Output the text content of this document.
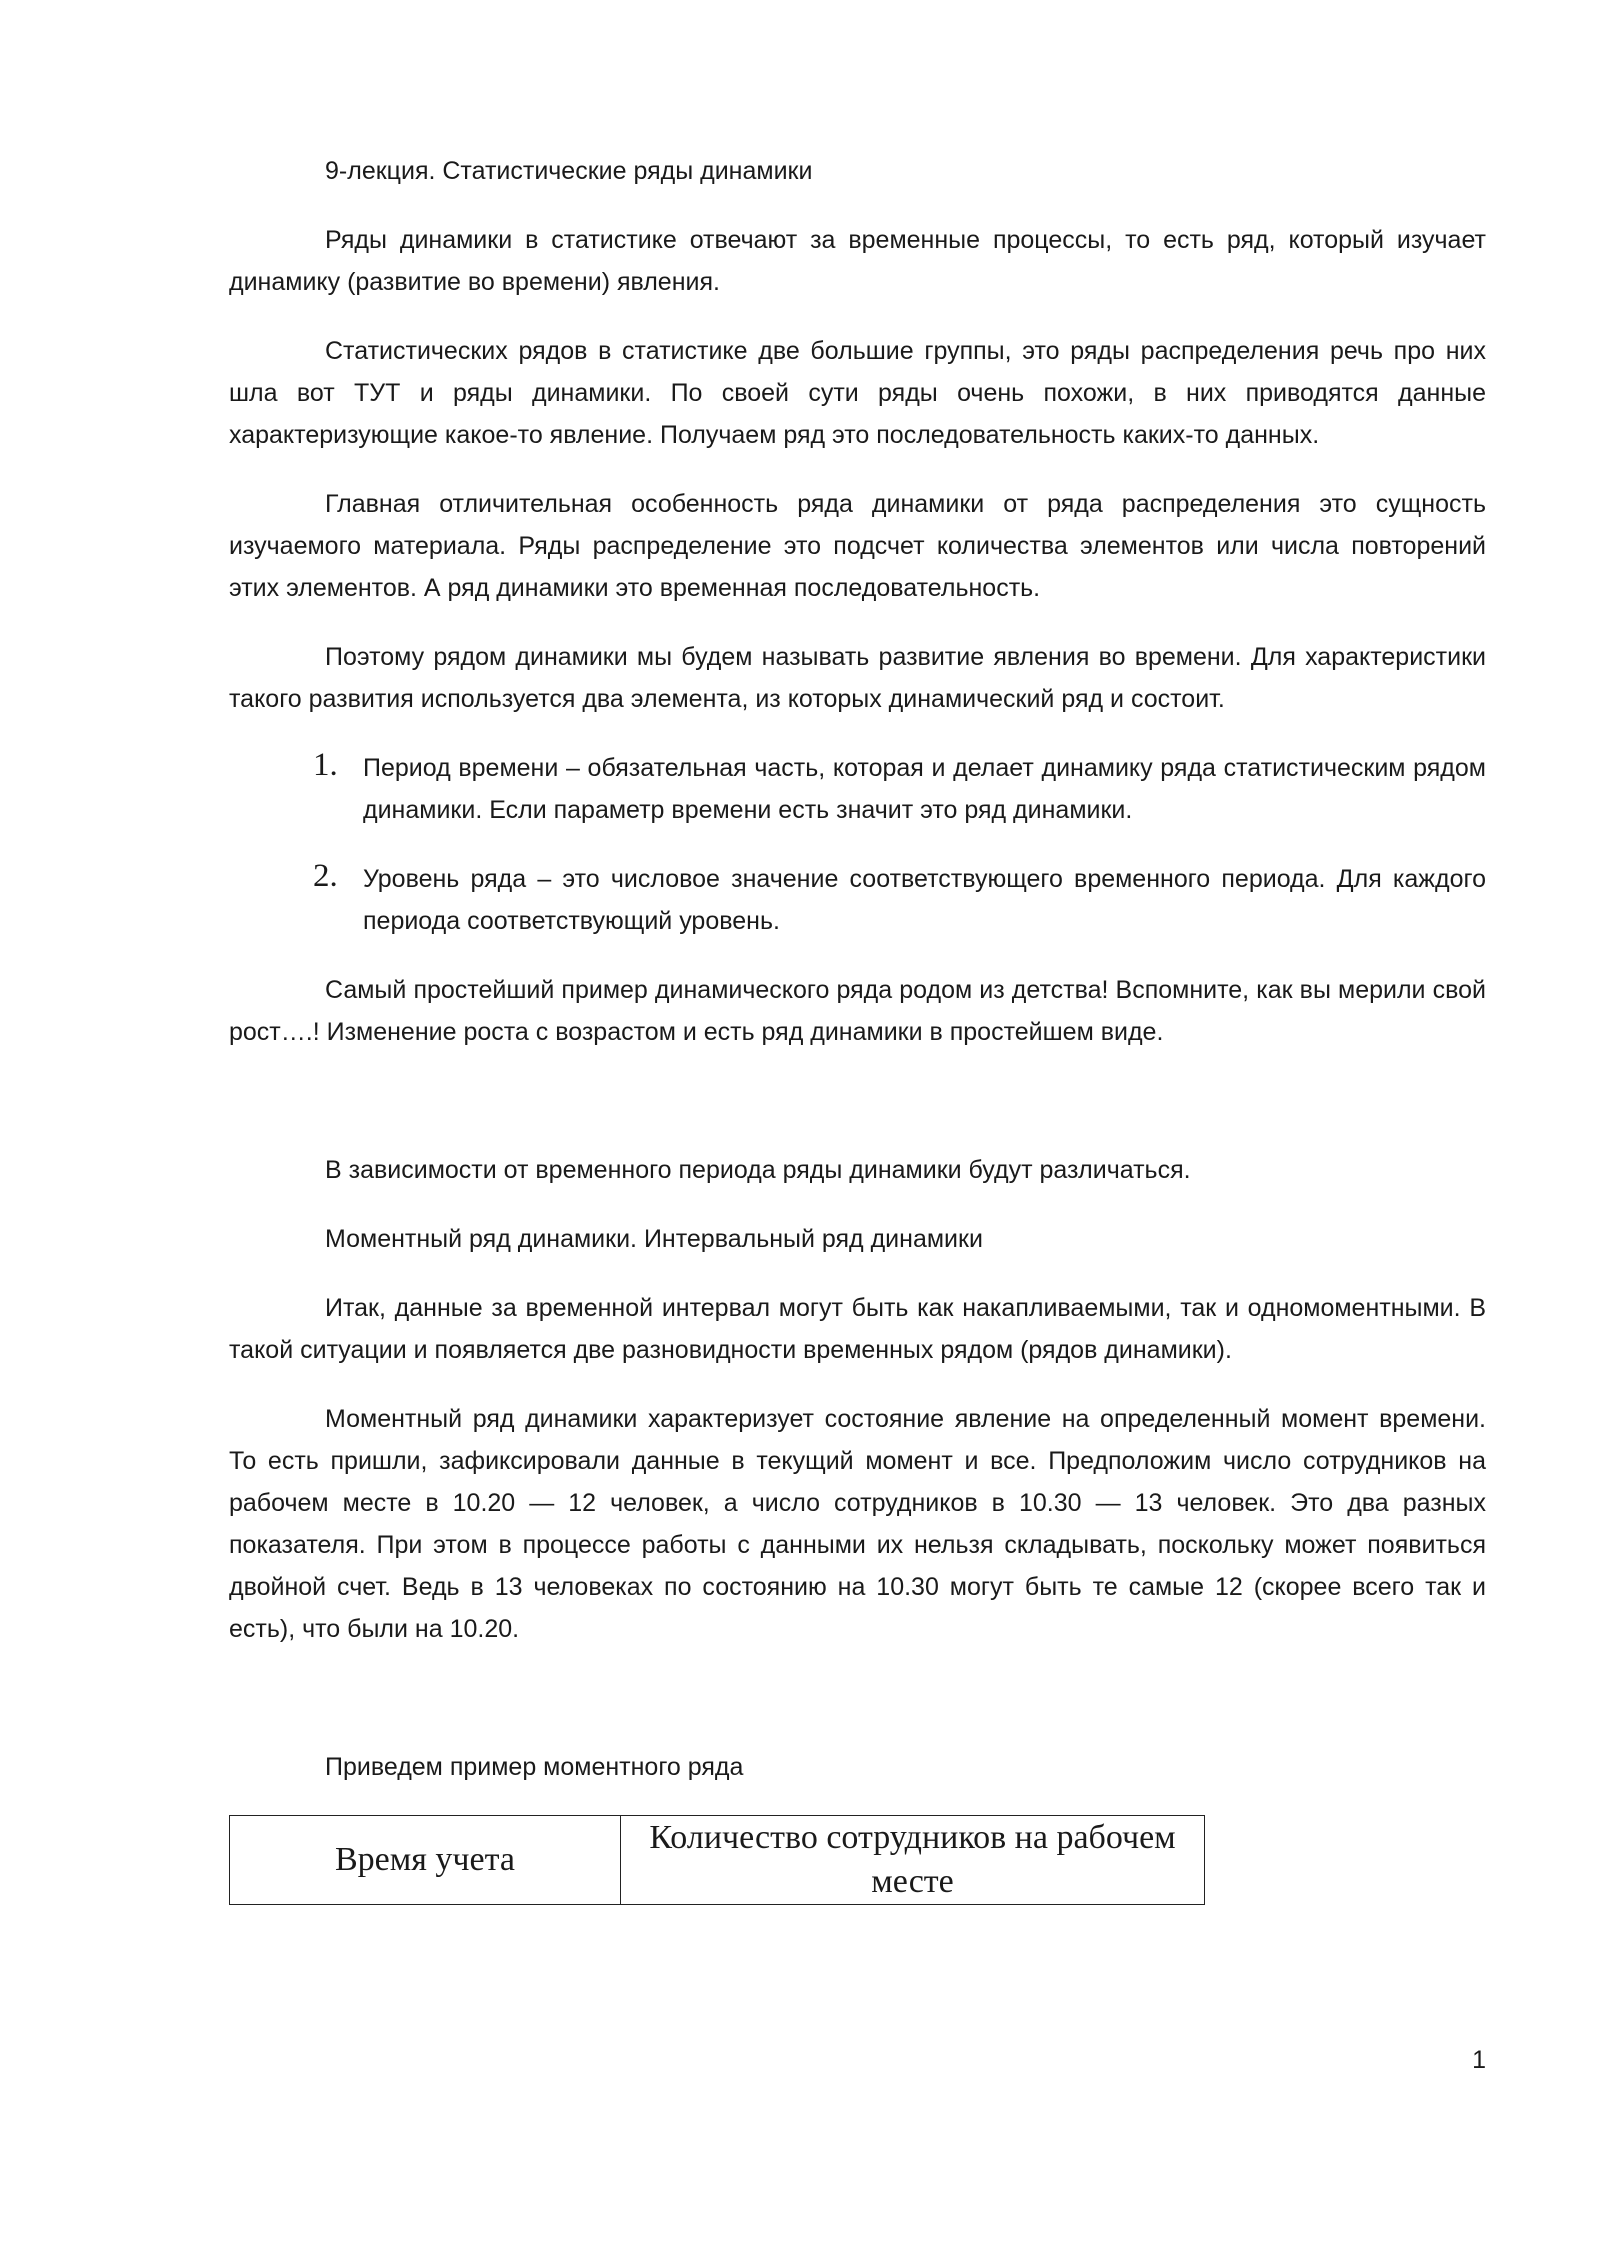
9-лекция. Статистические ряды динамики

Ряды динамики в статистике отвечают за временные процессы, то есть ряд, который изучает динамику (развитие во времени) явления.

Статистических рядов в статистике две большие группы, это ряды распределения речь про них шла вот ТУТ и ряды динамики. По своей сути ряды очень похожи, в них приводятся данные характеризующие какое-то явление. Получаем ряд это последовательность каких-то данных.

Главная отличительная особенность ряда динамики от ряда распределения это сущность изучаемого материала. Ряды распределение это подсчет количества элементов или числа повторений этих элементов. А ряд динамики это временная последовательность.

Поэтому рядом динамики мы будем называть развитие явления во времени. Для характеристики такого развития используется два элемента, из которых динамический ряд и состоит.

1. Период времени – обязательная часть, которая и делает динамику ряда статистическим рядом динамики. Если параметр времени есть значит это ряд динамики.
2. Уровень ряда – это числовое значение соответствующего временного периода. Для каждого периода соответствующий уровень.

Самый простейший пример динамического ряда родом из детства! Вспомните, как вы мерили свой рост….! Изменение роста с возрастом и есть ряд динамики в простейшем виде.

В зависимости от временного периода ряды динамики будут различаться.

Моментный ряд динамики. Интервальный ряд динамики

Итак, данные за временной интервал могут быть как накапливаемыми, так и одномоментными. В такой ситуации и появляется две разновидности временных рядом (рядов динамики).

Моментный ряд динамики характеризует состояние явление на определенный момент времени. То есть пришли, зафиксировали данные в текущий момент и все. Предположим число сотрудников на рабочем месте в 10.20 — 12 человек, а число сотрудников в 10.30 — 13 человек. Это два разных показателя. При этом в процессе работы с данными их нельзя складывать, поскольку может появиться двойной счет. Ведь в 13 человеках по состоянию на 10.30 могут быть те самые 12 (скорее всего так и есть), что были на 10.20.

Приведем пример моментного ряда

Время учета	Количество сотрудников на рабочем месте
1
